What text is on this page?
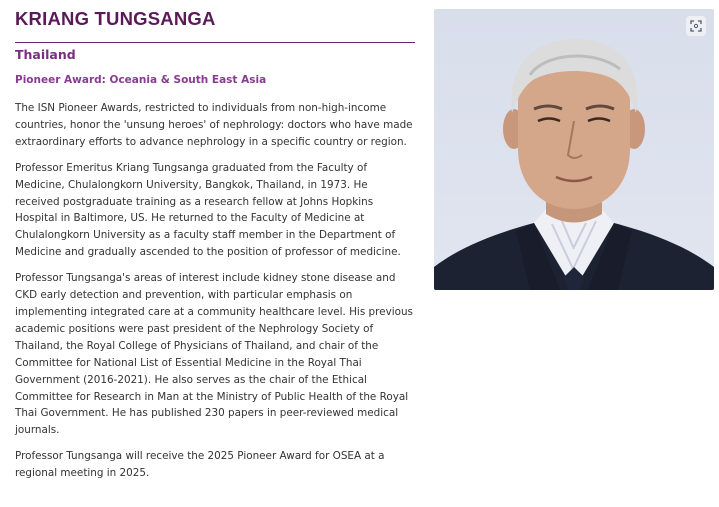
KRIANG TUNGSANGA
Thailand
Pioneer Award: Oceania & South East Asia

The ISN Pioneer Awards, restricted to individuals from non-high-income countries, honor the 'unsung heroes' of nephrology: doctors who have made extraordinary efforts to advance nephrology in a specific country or region.

Professor Emeritus Kriang Tungsanga graduated from the Faculty of Medicine, Chulalongkorn University, Bangkok, Thailand, in 1973. He received postgraduate training as a research fellow at Johns Hopkins Hospital in Baltimore, US. He returned to the Faculty of Medicine at Chulalongkorn University as a faculty staff member in the Department of Medicine and gradually ascended to the position of professor of medicine.

Professor Tungsanga's areas of interest include kidney stone disease and CKD early detection and prevention, with particular emphasis on implementing integrated care at a community healthcare level. His previous academic positions were past president of the Nephrology Society of Thailand, the Royal College of Physicians of Thailand, and chair of the Committee for National List of Essential Medicine in the Royal Thai Government (2016-2021). He also serves as the chair of the Ethical Committee for Research in Man at the Ministry of Public Health of the Royal Thai Government. He has published 230 papers in peer-reviewed medical journals.

Professor Tungsanga will receive the 2025 Pioneer Award for OSEA at a regional meeting in 2025.
